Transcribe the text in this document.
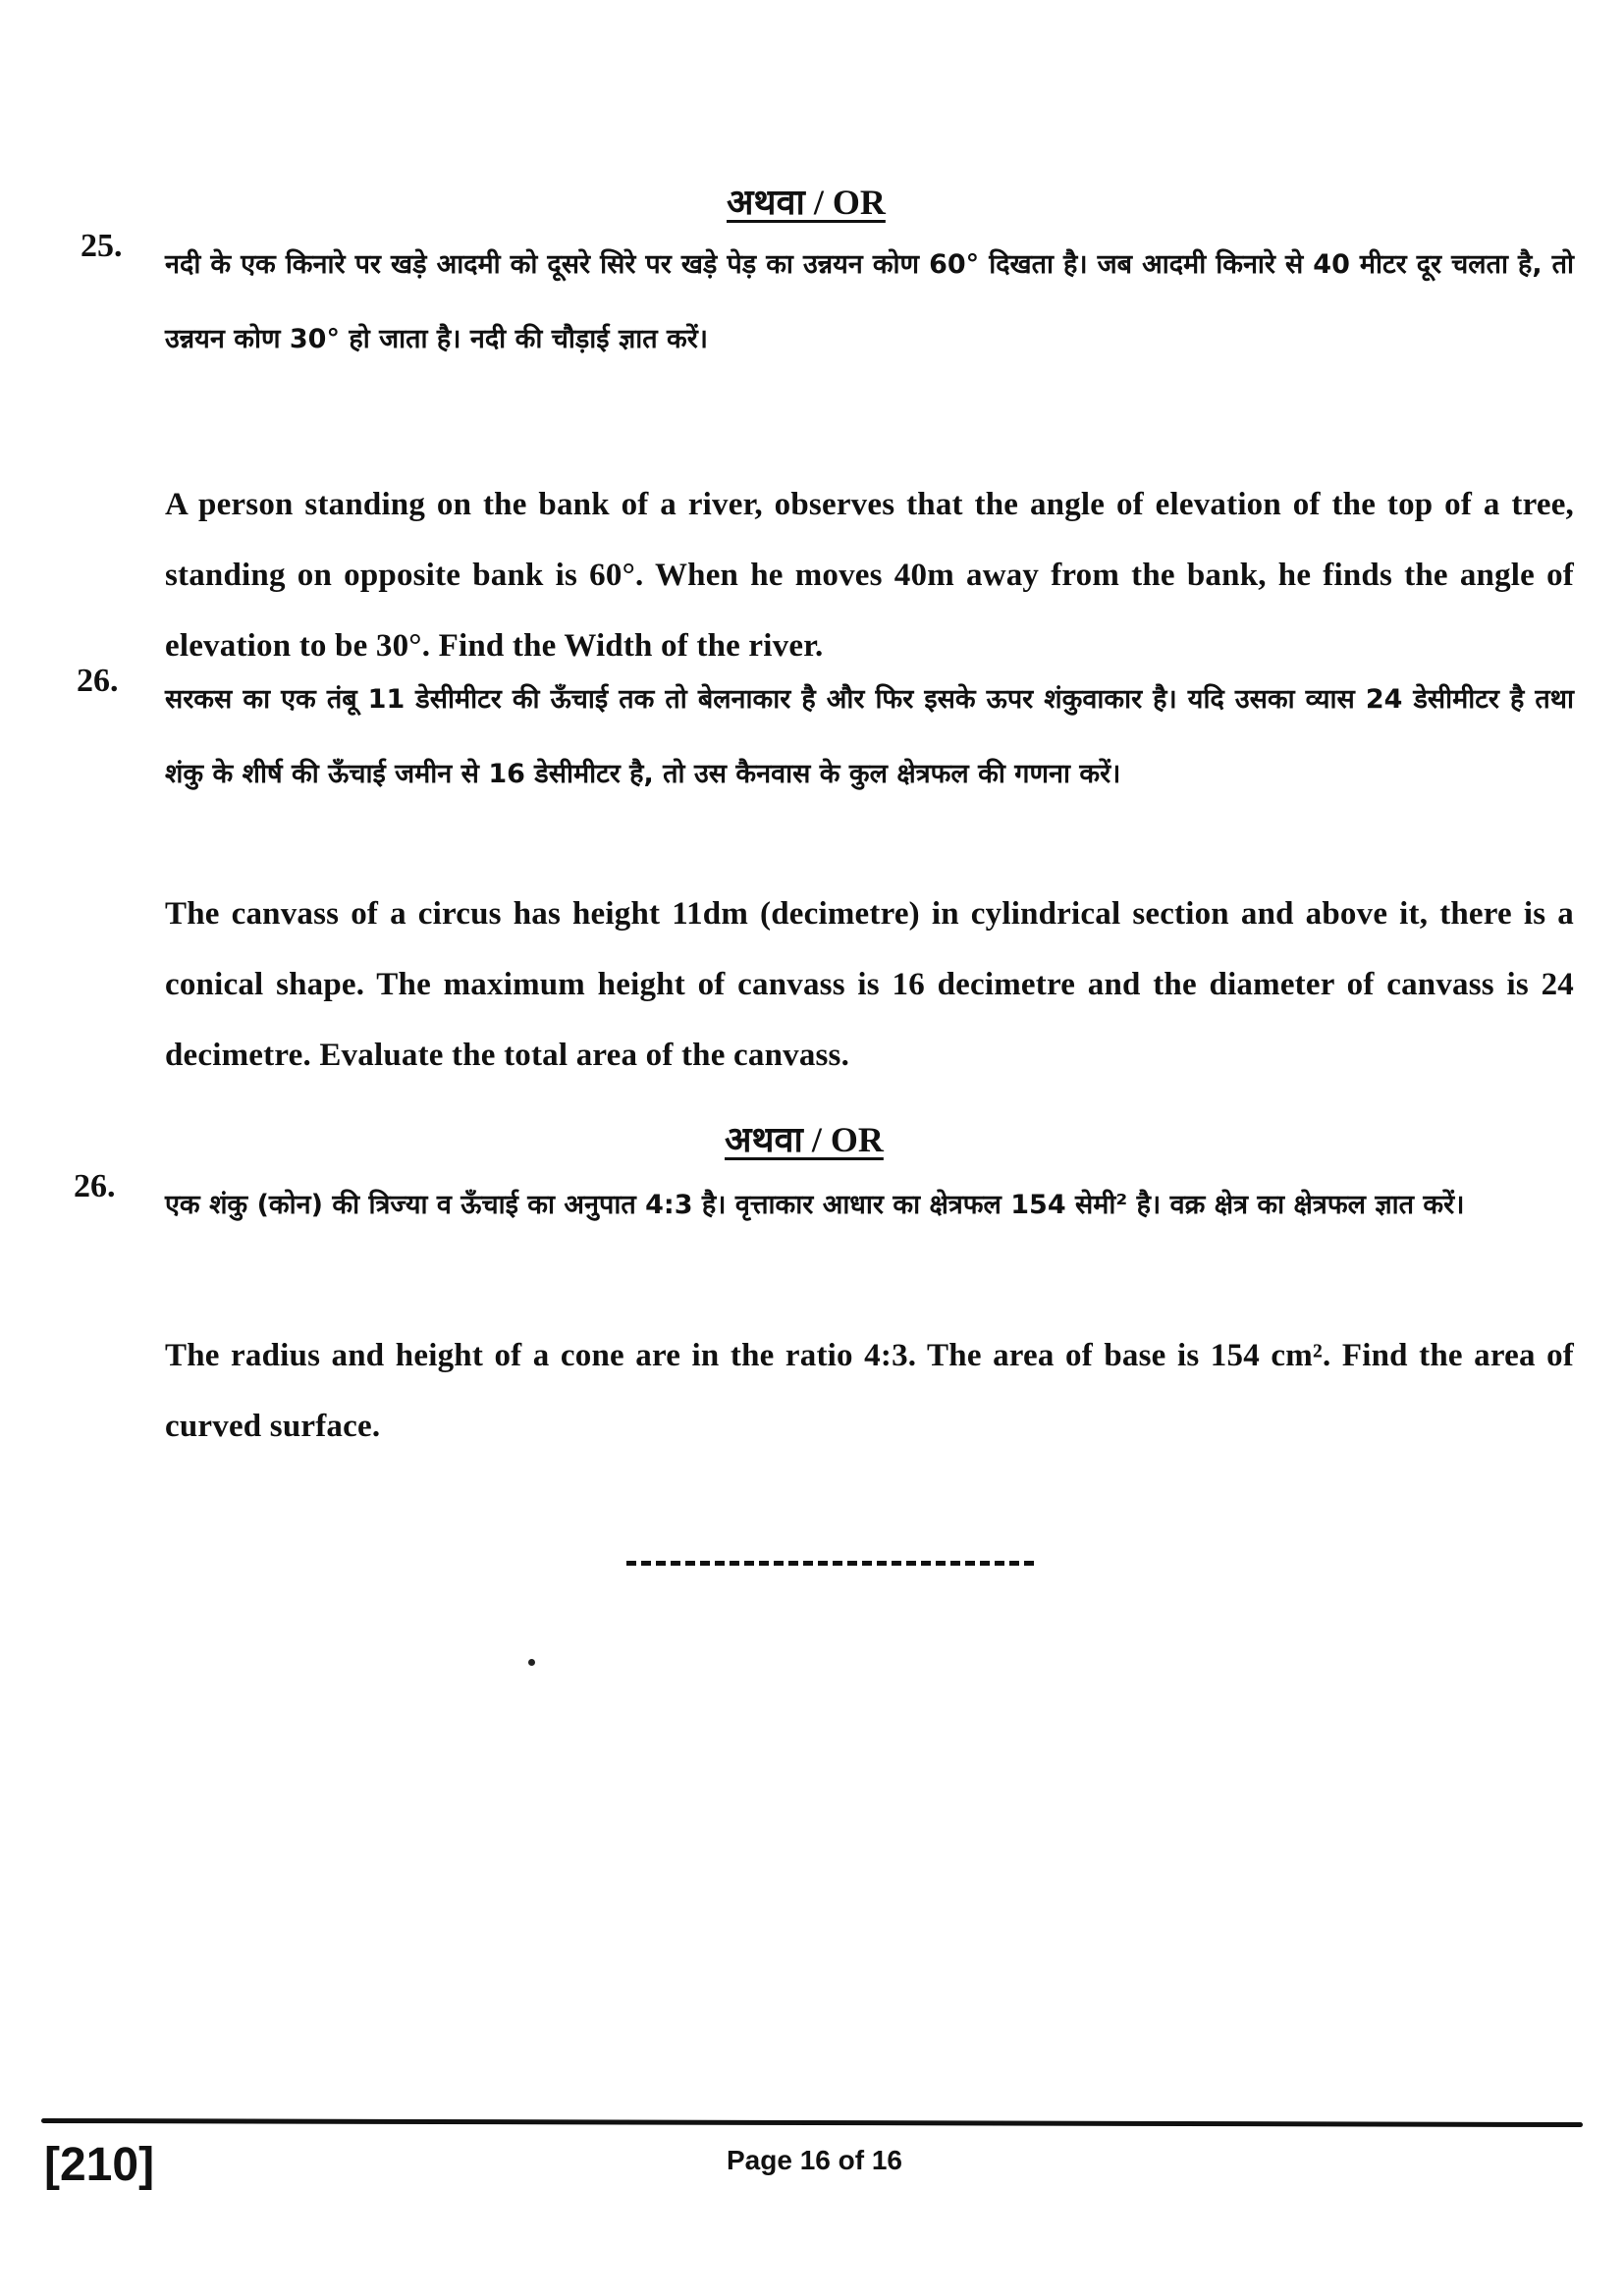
अथवा / OR
25.
नदी के एक किनारे पर खड़े आदमी को दूसरे सिरे पर खड़े पेड़ का उन्नयन कोण 60° दिखता है। जब आदमी किनारे से 40 मीटर दूर चलता है, तो उन्नयन कोण 30° हो जाता है। नदी की चौड़ाई ज्ञात करें।
A person standing on the bank of a river, observes that the angle of elevation of the top of a tree, standing on opposite bank is 60°. When he moves 40m away from the bank, he finds the angle of elevation to be 30°. Find the Width of the river.
26.
सरकस का एक तंबू 11 डेसीमीटर की ऊँचाई तक तो बेलनाकार है और फिर इसके ऊपर शंकुवाकार है। यदि उसका व्यास 24 डेसीमीटर है तथा शंकु के शीर्ष की ऊँचाई जमीन से 16 डेसीमीटर है, तो उस कैनवास के कुल क्षेत्रफल की गणना करें।
The canvass of a circus has height 11dm (decimetre) in cylindrical section and above it, there is a conical shape. The maximum height of canvass is 16 decimetre and the diameter of canvass is 24 decimetre. Evaluate the total area of the canvass.
अथवा / OR
26.
एक शंकु (कोन) की त्रिज्या व ऊँचाई का अनुपात 4:3 है। वृत्ताकार आधार का क्षेत्रफल 154 सेमी² है। वक्र क्षेत्र का क्षेत्रफल ज्ञात करें।
The radius and height of a cone are in the ratio 4:3. The area of base is 154 cm². Find the area of curved surface.
[210]	Page 16 of 16
